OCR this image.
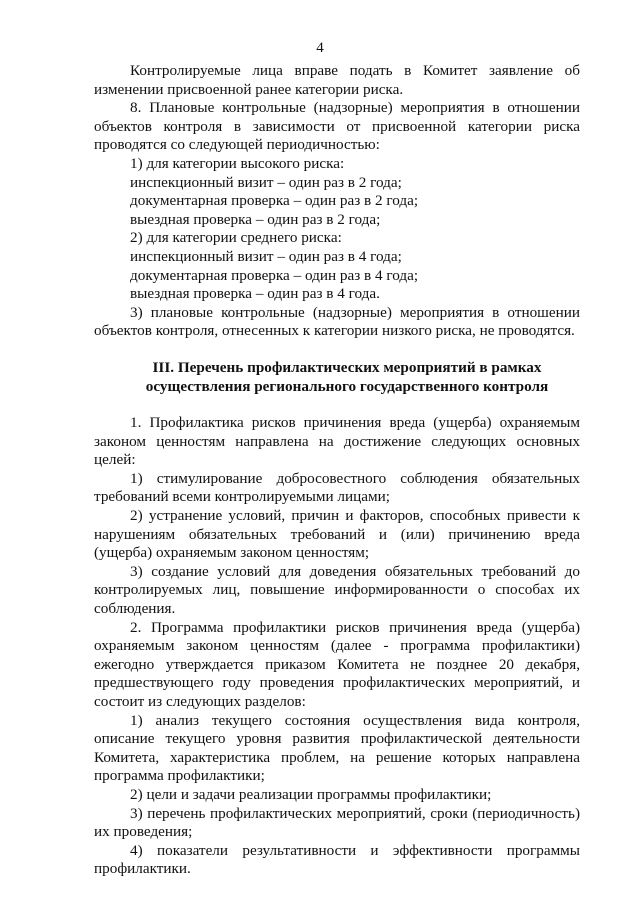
4

Контролируемые лица вправе подать в Комитет заявление об изменении присвоенной ранее категории риска.

8. Плановые контрольные (надзорные) мероприятия в отношении объектов контроля в зависимости от присвоенной категории риска проводятся со следующей периодичностью:

1) для категории высокого риска:

инспекционный визит – один раз в 2 года;

документарная проверка – один раз в 2 года;

выездная проверка – один раз в 2 года;

2) для категории среднего риска:

инспекционный визит – один раз в 4 года;

документарная проверка – один раз в 4 года;

выездная проверка – один раз в 4 года.

3) плановые контрольные (надзорные) мероприятия в отношении объектов контроля, отнесенных к категории низкого риска, не проводятся.

III. Перечень профилактических мероприятий в рамках

осуществления регионального государственного контроля

1. Профилактика рисков причинения вреда (ущерба) охраняемым законом ценностям направлена на достижение следующих основных целей:

1) стимулирование добросовестного соблюдения обязательных требований всеми контролируемыми лицами;

2) устранение условий, причин и факторов, способных привести к нарушениям обязательных требований и (или) причинению вреда (ущерба) охраняемым законом ценностям;

3) создание условий для доведения обязательных требований до контролируемых лиц, повышение информированности о способах их соблюдения.

2. Программа профилактики рисков причинения вреда (ущерба) охраняемым законом ценностям (далее - программа профилактики) ежегодно утверждается приказом Комитета не позднее 20 декабря, предшествующего году проведения профилактических мероприятий, и состоит из следующих разделов:

1) анализ текущего состояния осуществления вида контроля, описание текущего уровня развития профилактической деятельности Комитета, характеристика проблем, на решение которых направлена программа профилактики;

2) цели и задачи реализации программы профилактики;

3) перечень профилактических мероприятий, сроки (периодичность) их проведения;

4) показатели результативности и эффективности программы профилактики.
